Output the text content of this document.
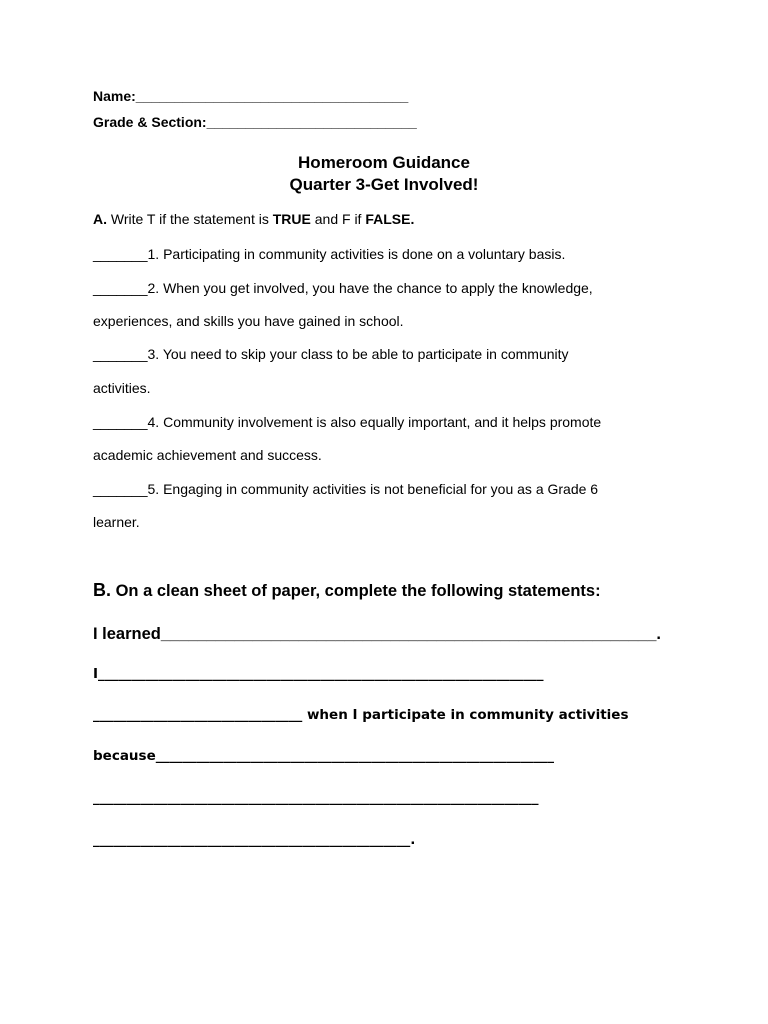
Name:___________________________________
Grade & Section:___________________________
Homeroom Guidance
Quarter 3-Get Involved!
A. Write T if the statement is TRUE and F if FALSE.
_______1. Participating in community activities is done on a voluntary basis.
_______2. When you get involved, you have the chance to apply the knowledge,
experiences, and skills you have gained in school.
_______3. You need to skip your class to be able to participate in community
activities.
_______4. Community involvement is also equally important, and it helps promote
academic achievement and success.
_______5. Engaging in community activities is not beneficial for you as a Grade 6
learner.
B. On a clean sheet of paper, complete the following statements:
I learned______________________________________________________.
I__________________________________________________________________
_______________________________ when I participate in community activities
because___________________________________________________________
__________________________________________________________________
_______________________________________________.
